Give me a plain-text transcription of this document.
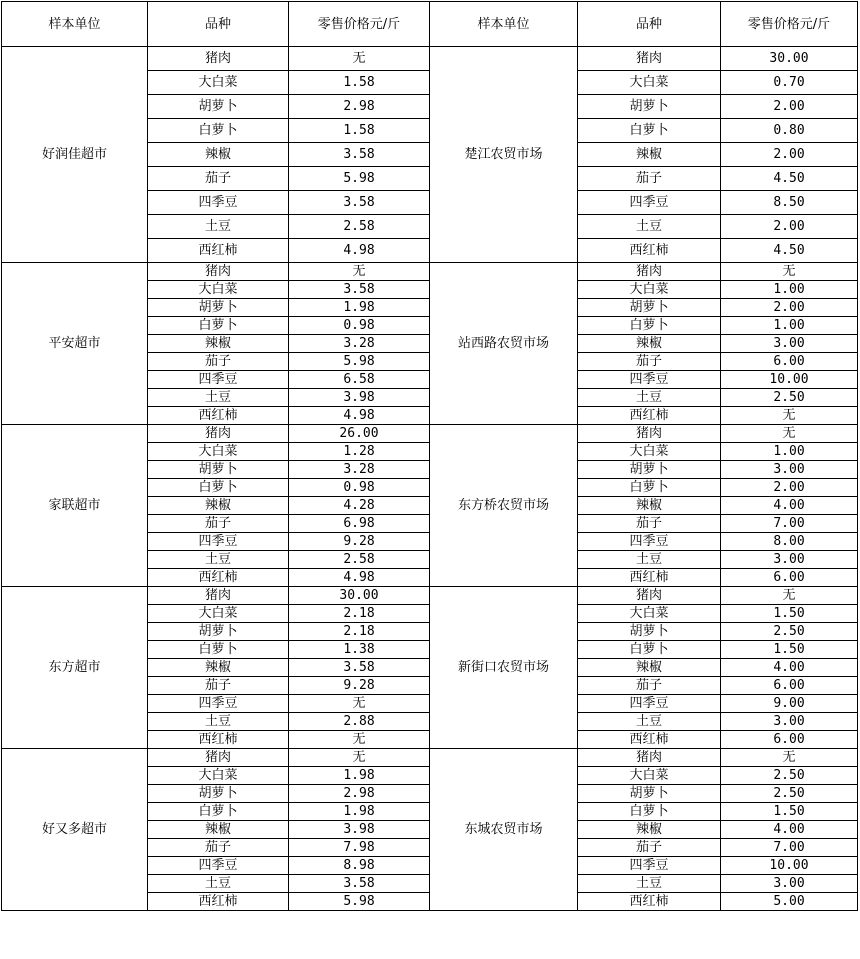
样本单位	品种	零售价格元/斤	样本单位	品种	零售价格元/斤
好润佳超市	猪肉	无	楚江农贸市场	猪肉	30.00
	大白菜	1.58		大白菜	0.70
	胡萝卜	2.98		胡萝卜	2.00
	白萝卜	1.58		白萝卜	0.80
	辣椒	3.58		辣椒	2.00
	茄子	5.98		茄子	4.50
	四季豆	3.58		四季豆	8.50
	土豆	2.58		土豆	2.00
	西红柿	4.98		西红柿	4.50
平安超市	猪肉	无	站西路农贸市场	猪肉	无
	大白菜	3.58		大白菜	1.00
	胡萝卜	1.98		胡萝卜	2.00
	白萝卜	0.98		白萝卜	1.00
	辣椒	3.28		辣椒	3.00
	茄子	5.98		茄子	6.00
	四季豆	6.58		四季豆	10.00
	土豆	3.98		土豆	2.50
	西红柿	4.98		西红柿	无
家联超市	猪肉	26.00	东方桥农贸市场	猪肉	无
	大白菜	1.28		大白菜	1.00
	胡萝卜	3.28		胡萝卜	3.00
	白萝卜	0.98		白萝卜	2.00
	辣椒	4.28		辣椒	4.00
	茄子	6.98		茄子	7.00
	四季豆	9.28		四季豆	8.00
	土豆	2.58		土豆	3.00
	西红柿	4.98		西红柿	6.00
东方超市	猪肉	30.00	新街口农贸市场	猪肉	无
	大白菜	2.18		大白菜	1.50
	胡萝卜	2.18		胡萝卜	2.50
	白萝卜	1.38		白萝卜	1.50
	辣椒	3.58		辣椒	4.00
	茄子	9.28		茄子	6.00
	四季豆	无		四季豆	9.00
	土豆	2.88		土豆	3.00
	西红柿	无		西红柿	6.00
好又多超市	猪肉	无	东城农贸市场	猪肉	无
	大白菜	1.98		大白菜	2.50
	胡萝卜	2.98		胡萝卜	2.50
	白萝卜	1.98		白萝卜	1.50
	辣椒	3.98		辣椒	4.00
	茄子	7.98		茄子	7.00
	四季豆	8.98		四季豆	10.00
	土豆	3.58		土豆	3.00
	西红柿	5.98		西红柿	5.00
